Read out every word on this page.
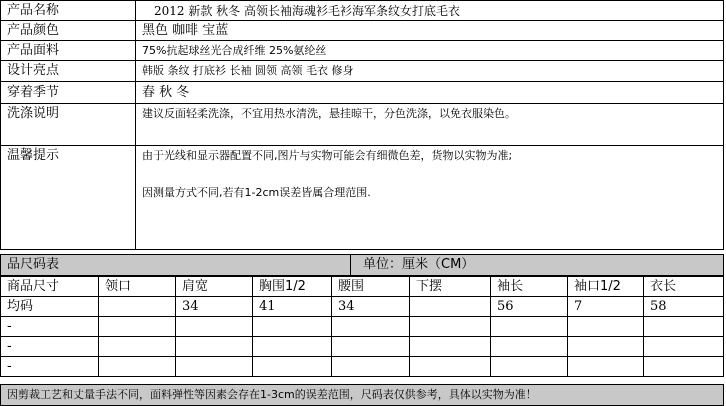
产品名称	2012 新款 秋冬 高领长袖海魂衫毛衫海军条纹女打底毛衣
产品颜色	黑色 咖啡 宝蓝
产品面料	75%抗起球丝光合成纤维 25%氨纶丝
设计亮点	韩版 条纹 打底衫 长袖 圆领 高领 毛衣 修身
穿着季节	春 秋 冬
洗涤说明	建议反面轻柔洗涤，不宜用热水清洗，悬挂晾干，分色洗涤，以免衣服染色。
温馨提示	由于光线和显示器配置不同,图片与实物可能会有细微色差，货物以实物为准;

因测量方式不同,若有1-2cm误差皆属合理范围.

品尺码表	单位：厘米（CM）
商品尺寸	领口	肩宽	胸围1/2	腰围	下摆	袖长	袖口1/2	衣长
均码		34	41	34		56	7	58
-								
-								
-								
因剪裁工艺和丈量手法不同，面料弹性等因素会存在1-3cm的误差范围，尺码表仅供参考，具体以实物为准！
